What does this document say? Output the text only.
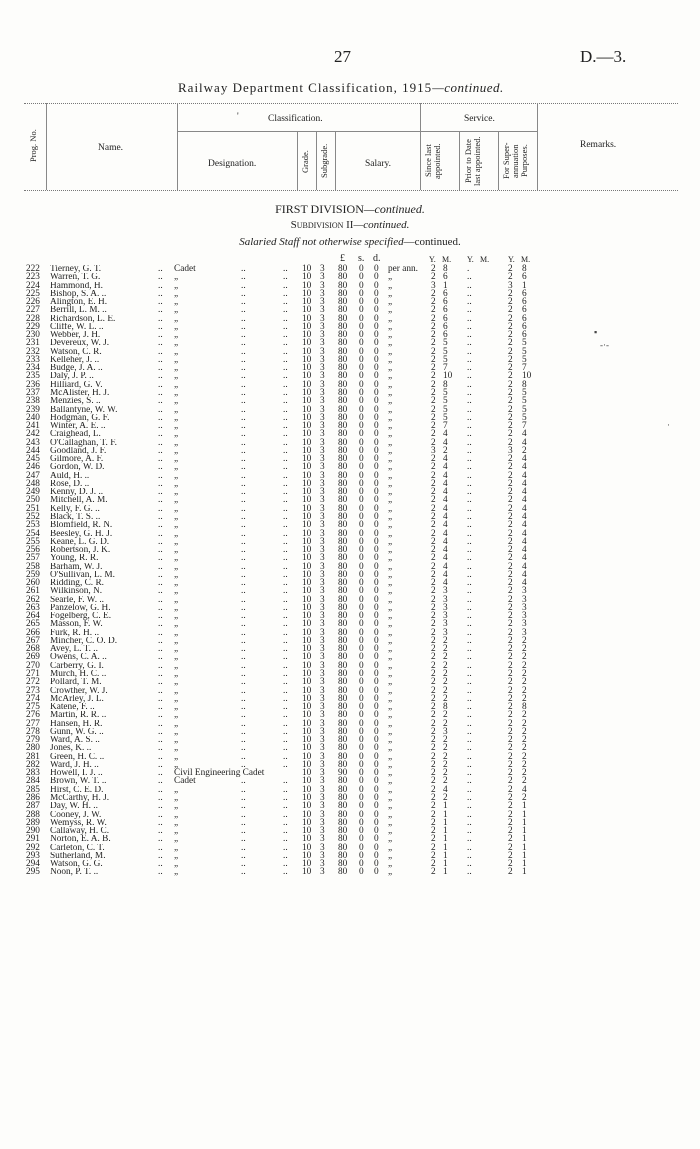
27	D.—3.
Railway Department Classification, 1915—continued.
Prog. No.	Name.
'	Classification.	Service.
Designation.	Grade. Subgrade.	Salary.	Since last appointed.	Prior to Date last appointed.	For Super- annuation Purposes.	Remarks.
FIRST DIVISION—continued.
Subdivision II—continued.
Salaried Staff not otherwise specified—continued.
£ s. d.	Y. M. Y. M. Y. M.
▪
-·-
·
222	Tierney, G. T.	.. Cadet	..	.. 10 3 80 0 0 per ann. 2 8 .	2 8
223	Warren, T. G.	.. „	..	.. 10 3 80 0 0 „	2 6 ..	2 6
224	Hammond, H.	.. „	..	.. 10 3 80 0 0 „	3 1 ..	3 1
225	Bishop, S. A. ..	.. „	..	.. 10 3 80 0 0 „	2 6 ..	2 6
226	Alington, E. H.	.. „	..	.. 10 3 80 0 0 „	2 6 ..	2 6
227	Berrill, L. M. ..	.. „	..	.. 10 3 80 0 0 „	2 6 ..	2 6
228	Richardson, L. E.	.. „	..	.. 10 3 80 0 0 „	2 6 ..	2 6
229	Cliffe, W. L. ..	.. „	..	.. 10 3 80 0 0 „	2 6 ..	2 6
230	Webber, J. H.	.. „	..	.. 10 3 80 0 0 „	2 6 ..	2 6
231	Devereux, W. J.	.. „	..	.. 10 3 80 0 0 „	2 5 ..	2 5
232	Watson, C. R.	.. „	..	.. 10 3 80 0 0 „	2 5 ..	2 5
233	Kelleher, J. ..	.. „	..	.. 10 3 80 0 0 „	2 5 ..	2 5
234	Budge, J. A. ..	.. „	..	.. 10 3 80 0 0 „	2 7 ..	2 7
235	Daly, J. P. ..	.. „	..	.. 10 3 80 0 0 „	2 10 ..	2 10
236	Hilliard, G. V.	.. „	..	.. 10 3 80 0 0 „	2 8 ..	2 8
237	McAlister, H. J.	.. „	..	.. 10 3 80 0 0 „	2 5 ..	2 5
238	Menzies, S. ..	.. „	..	.. 10 3 80 0 0 „	2 5 ..	2 5
239	Ballantyne, W. W.	.. „	..	.. 10 3 80 0 0 „	2 5 ..	2 5
240	Hodgman, G. F.	.. „	..	.. 10 3 80 0 0 „	2 5 ..	2 5
241	Winter, A. E. ..	.. „	..	.. 10 3 80 0 0 „	2 7 ..	2 7
242	Craighead, L.	.. „	..	.. 10 3 80 0 0 „	2 4 ..	2 4
243	O'Callaghan, T. F.	.. „	..	.. 10 3 80 0 0 „	2 4 ..	2 4
244	Goodland, J. F.	.. „	..	.. 10 3 80 0 0 „	3 2 ..	3 2
245	Gilmore, A. F.	.. „	..	.. 10 3 80 0 0 „	2 4 ..	2 4
246	Gordon, W. D.	.. „	..	.. 10 3 80 0 0 „	2 4 ..	2 4
247	Auld, H. ..	.. „	..	.. 10 3 80 0 0 „	2 4 ..	2 4
248	Rose, D. ..	.. „	..	.. 10 3 80 0 0 „	2 4 ..	2 4
249	Kenny, D. J. ..	.. „	..	.. 10 3 80 0 0 „	2 4 ..	2 4
250	Mitchell, A. M.	.. „	..	.. 10 3 80 0 0 „	2 4 ..	2 4
251	Kelly, F. G. ..	.. „	..	.. 10 3 80 0 0 „	2 4 ..	2 4
252	Black, T. S. ..	.. „	..	.. 10 3 80 0 0 „	2 4 ..	2 4
253	Blomfield, R. N.	.. „	..	.. 10 3 80 0 0 „	2 4 ..	2 4
254	Beesley, G. H. J.	.. „	..	.. 10 3 80 0 0 „	2 4 ..	2 4
255	Keane, L. G. D.	.. „	..	.. 10 3 80 0 0 „	2 4 ..	2 4
256	Robertson, J. K.	.. „	..	.. 10 3 80 0 0 „	2 4 ..	2 4
257	Young, R. R.	.. „	..	.. 10 3 80 0 0 „	2 4 ..	2 4
258	Barham, W. J.	.. „	..	.. 10 3 80 0 0 „	2 4 ..	2 4
259	O'Sullivan, L. M.	.. „	..	.. 10 3 80 0 0 „	2 4 ..	2 4
260	Ridding, C. R.	.. „	..	.. 10 3 80 0 0 „	2 4 ..	2 4
261	Wilkinson, N.	.. „	..	.. 10 3 80 0 0 „	2 3 ..	2 3
262	Searle, F. W. ..	.. „	..	.. 10 3 80 0 0 „	2 3 ..	2 3
263	Panzelow, G. H.	.. „	..	.. 10 3 80 0 0 „	2 3 ..	2 3
264	Fogelberg, C. E.	.. „	..	.. 10 3 80 0 0 „	2 3 ..	2 3
265	Masson, F. W.	.. „	..	.. 10 3 80 0 0 „	2 3 ..	2 3
266	Furk, R. H. ..	.. „	..	.. 10 3 80 0 0 „	2 3 ..	2 3
267	Mincher, C. O. D.	.. „	..	.. 10 3 80 0 0 „	2 2 ..	2 2
268	Avey, L. T. ..	.. „	..	.. 10 3 80 0 0 „	2 2 ..	2 2
269	Owens, C. A. ..	.. „	..	.. 10 3 80 0 0 „	2 2 ..	2 2
270	Carberry, G. I.	.. „	..	.. 10 3 80 0 0 „	2 2 ..	2 2
271	Murch, H. C. ..	.. „	..	.. 10 3 80 0 0 „	2 2 ..	2 2
272	Pollard, T. M.	.. „	..	.. 10 3 80 0 0 „	2 2 ..	2 2
273	Crowther, W. J.	.. „	..	.. 10 3 80 0 0 „	2 2 ..	2 2
274	McArley, J. L.	.. „	..	.. 10 3 80 0 0 „	2 2 ..	2 2
275	Katene, F. ..	.. „	..	.. 10 3 80 0 0 „	2 8 ..	2 8
276	Martin, R. R. ..	.. „	..	.. 10 3 80 0 0 „	2 2 ..	2 2
277	Hansen, H. R.	.. „	..	.. 10 3 80 0 0 „	2 2 ..	2 2
278	Gunn, W. G. ..	.. „	..	.. 10 3 80 0 0 „	2 3 ..	2 2
279	Ward, A. S. ..	.. „	..	.. 10 3 80 0 0 „	2 2 ..	2 2
280	Jones, K. ..	.. „	..	.. 10 3 80 0 0 „	2 2 ..	2 2
281	Green, H. C. ..	.. „	..	.. 10 3 80 0 0 „	2 2 ..	2 2
282	Ward, J. H. ..	.. „	..	.. 10 3 80 0 0 „	2 2 ..	2 2
283	Howell, I. J. ..	.. Civil Engineering Cadet	10 3 90 0 0 „	2 2 ..	2 2
284	Brown, W. T. ..	.. Cadet	..	.. 10 3 80 0 0 „	2 2 ..	2 2
285	Hirst, C. E. D.	.. „	..	.. 10 3 80 0 0 „	2 4 ..	2 4
286	McCarthy, H. J.	.. „	..	.. 10 3 80 0 0 „	2 2 ..	2 2
287	Day, W. H. ..	.. „	..	.. 10 3 80 0 0 „	2 1 ..	2 1
288	Cooney, J. W.	.. „	..	.. 10 3 80 0 0 „	2 1 ..	2 1
289	Wemyss, R. W.	.. „	..	.. 10 3 80 0 0 „	2 1 ..	2 1
290	Callaway, H. C.	.. „	..	.. 10 3 80 0 0 „	2 1 ..	2 1
291	Norton, E. A. B.	.. „	..	.. 10 3 80 0 0 „	2 1 ..	2 1
292	Carleton, C. T.	.. „	..	.. 10 3 80 0 0 „	2 1 ..	2 1
293	Sutherland, M.	.. „	..	.. 10 3 80 0 0 „	2 1 ..	2 1
294	Watson, G. G.	.. „	..	.. 10 3 80 0 0 „	2 1 ..	2 1
295	Noon, P. T. ..	.. „	..	.. 10 3 80 0 0 „	2 1 ..	2 1
